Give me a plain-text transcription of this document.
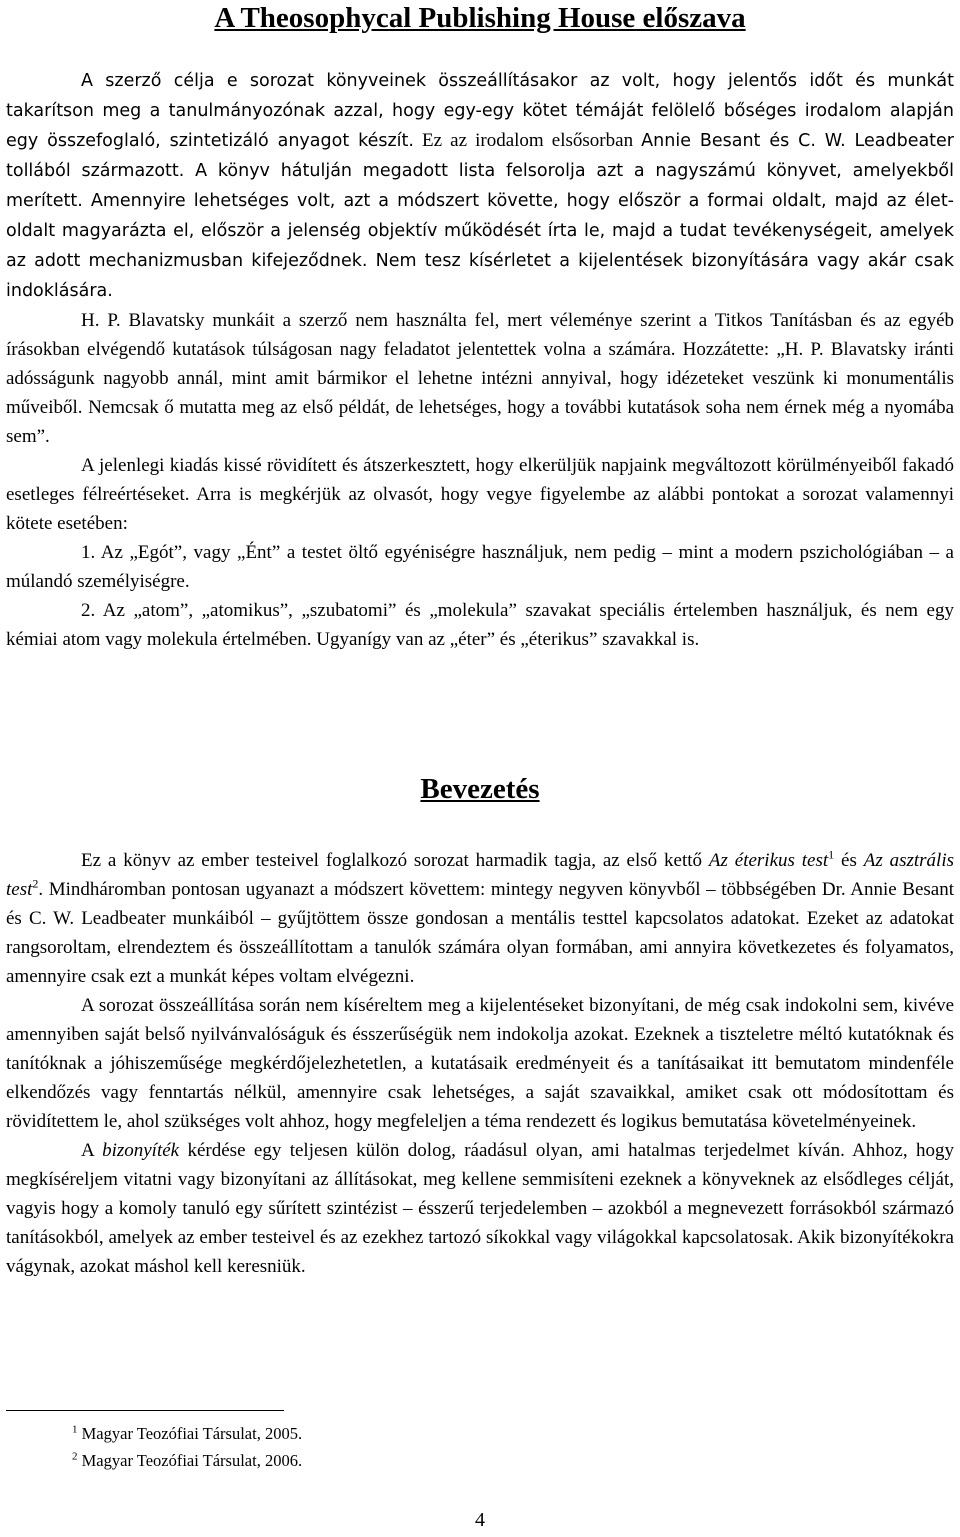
A Theosophycal Publishing House előszava

A szerző célja e sorozat könyveinek összeállításakor az volt, hogy jelentős időt és munkát takarítson meg a tanulmányozónak azzal, hogy egy-egy kötet témáját felölelő bőséges irodalom alapján egy összefoglaló, szintetizáló anyagot készít. Ez az irodalom elsősorban Annie Besant és C. W. Leadbeater tollából származott. A könyv hátulján megadott lista felsorolja azt a nagyszámú könyvet, amelyekből merített. Amennyire lehetséges volt, azt a módszert követte, hogy először a formai oldalt, majd az élet-oldalt magyarázta el, először a jelenség objektív működését írta le, majd a tudat tevékenységeit, amelyek az adott mechanizmusban kifejeződnek. Nem tesz kísérletet a kijelentések bizonyítására vagy akár csak indoklására.

H. P. Blavatsky munkáit a szerző nem használta fel, mert véleménye szerint a Titkos Tanításban és az egyéb írásokban elvégendő kutatások túlságosan nagy feladatot jelentettek volna a számára. Hozzátette: „H. P. Blavatsky iránti adósságunk nagyobb annál, mint amit bármikor el lehetne intézni annyival, hogy idézeteket veszünk ki monumentális műveiből. Nemcsak ő mutatta meg az első példát, de lehetséges, hogy a további kutatások soha nem érnek még a nyomába sem”.

A jelenlegi kiadás kissé rövidített és átszerkesztett, hogy elkerüljük napjaink megváltozott körülményeiből fakadó esetleges félreértéseket. Arra is megkérjük az olvasót, hogy vegye figyelembe az alábbi pontokat a sorozat valamennyi kötete esetében:

1. Az „Egót”, vagy „Ént” a testet öltő egyéniségre használjuk, nem pedig – mint a modern pszichológiában – a múlandó személyiségre.

2. Az „atom”, „atomikus”, „szubatomi” és „molekula” szavakat speciális értelemben használjuk, és nem egy kémiai atom vagy molekula értelmében. Ugyanígy van az „éter” és „éterikus” szavakkal is.

Bevezetés

Ez a könyv az ember testeivel foglalkozó sorozat harmadik tagja, az első kettő Az éterikus test$^1$ és Az asztrális test$^2$. Mindháromban pontosan ugyanazt a módszert követtem: mintegy negyven könyvből – többségében Dr. Annie Besant és C. W. Leadbeater munkáiból – gyűjtöttem össze gondosan a mentális testtel kapcsolatos adatokat. Ezeket az adatokat rangsoroltam, elrendeztem és összeállítottam a tanulók számára olyan formában, ami annyira következetes és folyamatos, amennyire csak ezt a munkát képes voltam elvégezni.

A sorozat összeállítása során nem kíséreltem meg a kijelentéseket bizonyítani, de még csak indokolni sem, kivéve amennyiben saját belső nyilvánvalóságuk és ésszerűségük nem indokolja azokat. Ezeknek a tiszteletre méltó kutatóknak és tanítóknak a jóhiszeműsége megkérdőjelezhetetlen, a kutatásaik eredményeit és a tanításaikat itt bemutatom mindenféle elkendőzés vagy fenntartás nélkül, amennyire csak lehetséges, a saját szavaikkal, amiket csak ott módosítottam és rövidítettem le, ahol szükséges volt ahhoz, hogy megfeleljen a téma rendezett és logikus bemutatása követelményeinek.

A bizonyíték kérdése egy teljesen külön dolog, ráadásul olyan, ami hatalmas terjedelmet kíván. Ahhoz, hogy megkíséreljem vitatni vagy bizonyítani az állításokat, meg kellene semmisíteni ezeknek a könyveknek az elsődleges célját, vagyis hogy a komoly tanuló egy sűrített szintézist – ésszerű terjedelemben – azokból a megnevezett forrásokból származó tanításokból, amelyek az ember testeivel és az ezekhez tartozó síkokkal vagy világokkal kapcsolatosak. Akik bizonyítékokra vágynak, azokat máshol kell keresniük.

$^1$ Magyar Teozófiai Társulat, 2005.
$^2$ Magyar Teozófiai Társulat, 2006.
4
